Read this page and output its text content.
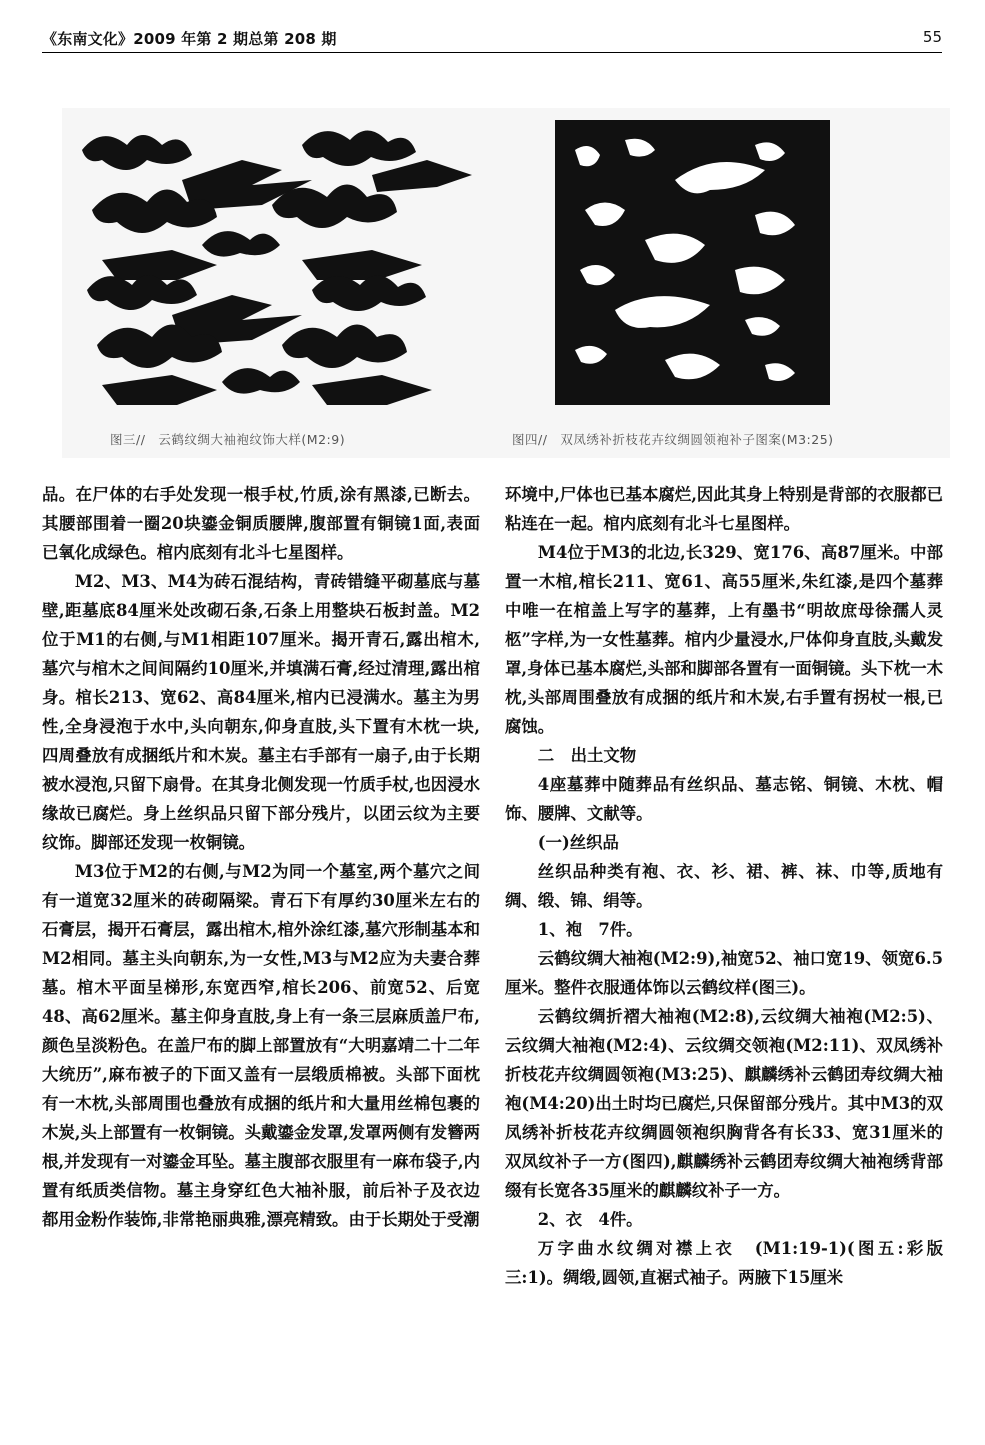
《东南文化》2009 年第 2 期总第 208 期	55
图三//　云鹤纹绸大袖袍纹饰大样(M2:9)	图四//　双凤绣补折枝花卉纹绸圆领袍补子图案(M3:25)

品。在尸体的右手处发现一根手杖,竹质,涂有黑漆,已断去。其腰部围着一圈20块鎏金铜质腰牌,腹部置有铜镜1面,表面已氧化成绿色。棺内底刻有北斗七星图样。

M2、M3、M4为砖石混结构，青砖错缝平砌墓底与墓壁,距墓底84厘米处改砌石条,石条上用整块石板封盖。M2位于M1的右侧,与M1相距107厘米。揭开青石,露出棺木,墓穴与棺木之间间隔约10厘米,并填满石膏,经过清理,露出棺身。棺长213、宽62、高84厘米,棺内已浸满水。墓主为男性,全身浸泡于水中,头向朝东,仰身直肢,头下置有木枕一块,四周叠放有成捆纸片和木炭。墓主右手部有一扇子,由于长期被水浸泡,只留下扇骨。在其身北侧发现一竹质手杖,也因浸水缘故已腐烂。身上丝织品只留下部分残片，以团云纹为主要纹饰。脚部还发现一枚铜镜。

M3位于M2的右侧,与M2为同一个墓室,两个墓穴之间有一道宽32厘米的砖砌隔梁。青石下有厚约30厘米左右的石膏层，揭开石膏层，露出棺木,棺外涂红漆,墓穴形制基本和M2相同。墓主头向朝东,为一女性,M3与M2应为夫妻合葬墓。棺木平面呈梯形,东宽西窄,棺长206、前宽52、后宽48、高62厘米。墓主仰身直肢,身上有一条三层麻质盖尸布,颜色呈淡粉色。在盖尸布的脚上部置放有“大明嘉靖二十二年大统历”,麻布被子的下面又盖有一层缎质棉被。头部下面枕有一木枕,头部周围也叠放有成捆的纸片和大量用丝棉包裹的木炭,头上部置有一枚铜镜。头戴鎏金发罩,发罩两侧有发簪两根,并发现有一对鎏金耳坠。墓主腹部衣服里有一麻布袋子,内置有纸质类信物。墓主身穿红色大袖补服，前后补子及衣边都用金粉作装饰,非常艳丽典雅,漂亮精致。由于长期处于受潮

环境中,尸体也已基本腐烂,因此其身上特别是背部的衣服都已粘连在一起。棺内底刻有北斗七星图样。

M4位于M3的北边,长329、宽176、高87厘米。中部置一木棺,棺长211、宽61、高55厘米,朱红漆,是四个墓葬中唯一在棺盖上写字的墓葬，上有墨书“明故庶母徐孺人灵柩”字样,为一女性墓葬。棺内少量浸水,尸体仰身直肢,头戴发罩,身体已基本腐烂,头部和脚部各置有一面铜镜。头下枕一木枕,头部周围叠放有成捆的纸片和木炭,右手置有拐杖一根,已腐蚀。

二　出土文物

4座墓葬中随葬品有丝织品、墓志铭、铜镜、木枕、帽饰、腰牌、文献等。

(一)丝织品

丝织品种类有袍、衣、衫、裙、裤、袜、巾等,质地有绸、缎、锦、绢等。

1、袍　7件。

云鹤纹绸大袖袍(M2:9),袖宽52、袖口宽19、领宽6.5厘米。整件衣服通体饰以云鹤纹样(图三)。

云鹤纹绸折褶大袖袍(M2:8),云纹绸大袖袍(M2:5)、云纹绸大袖袍(M2:4)、云纹绸交领袍(M2:11)、双凤绣补折枝花卉纹绸圆领袍(M3:25)、麒麟绣补云鹤团寿纹绸大袖袍(M4:20)出土时均已腐烂,只保留部分残片。其中M3的双凤绣补折枝花卉纹绸圆领袍织胸背各有长33、宽31厘米的双凤纹补子一方(图四),麒麟绣补云鹤团寿纹绸大袖袍绣背部缀有长宽各35厘米的麒麟纹补子一方。

2、衣　4件。

万字曲水纹绸对襟上衣　(M1:19-1)(图五:彩版三:1)。绸缎,圆领,直裾式袖子。两腋下15厘米
